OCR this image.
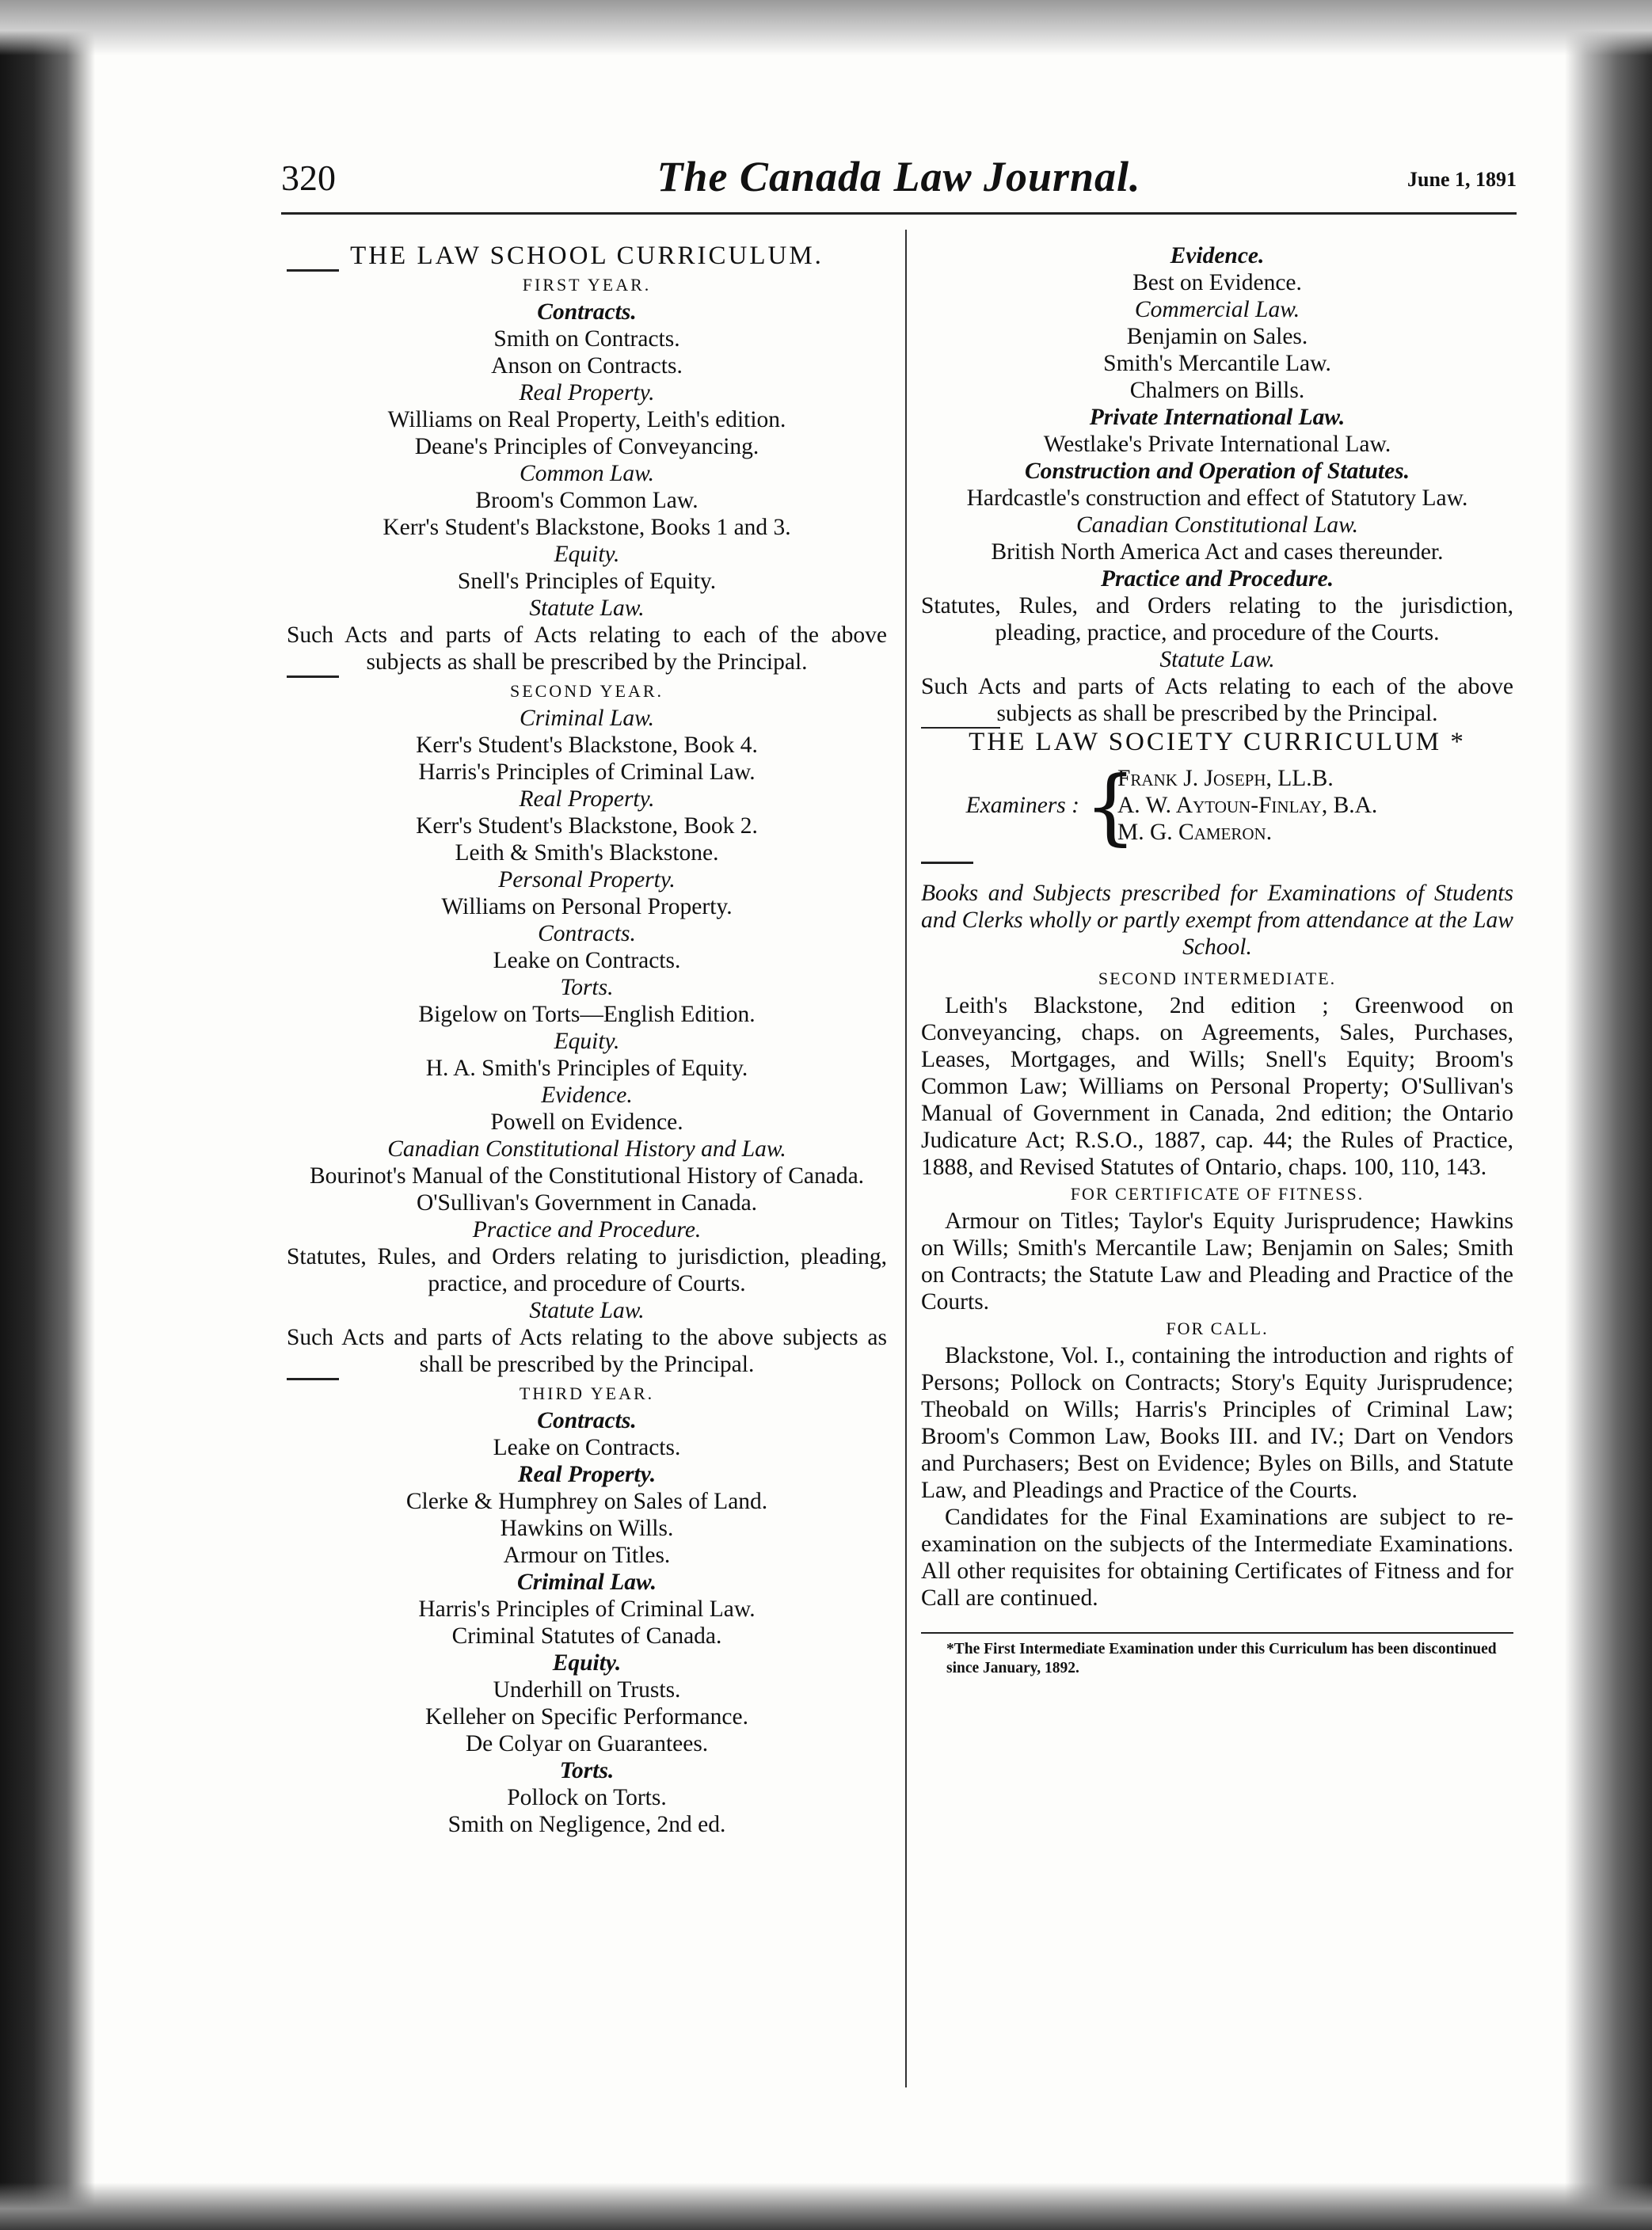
320	The Canada Law Journal.	June 1, 1891

THE LAW SCHOOL CURRICULUM.

FIRST YEAR.

Contracts.

Smith on Contracts.

Anson on Contracts.

Real Property.

Williams on Real Property, Leith's edition.

Deane's Principles of Conveyancing.

Common Law.

Broom's Common Law.

Kerr's Student's Blackstone, Books 1 and 3.

Equity.

Snell's Principles of Equity.

Statute Law.

Such Acts and parts of Acts relating to each of the above subjects as shall be prescribed by the Principal.

SECOND YEAR.

Criminal Law.

Kerr's Student's Blackstone, Book 4.

Harris's Principles of Criminal Law.

Real Property.

Kerr's Student's Blackstone, Book 2.

Leith & Smith's Blackstone.

Personal Property.

Williams on Personal Property.

Contracts.

Leake on Contracts.

Torts.

Bigelow on Torts—English Edition.

Equity.

H. A. Smith's Principles of Equity.

Evidence.

Powell on Evidence.

Canadian Constitutional History and Law.

Bourinot's Manual of the Constitutional History of Canada.

O'Sullivan's Government in Canada.

Practice and Procedure.

Statutes, Rules, and Orders relating to jurisdiction, pleading, practice, and procedure of Courts.

Statute Law.

Such Acts and parts of Acts relating to the above subjects as shall be prescribed by the Principal.

THIRD YEAR.

Contracts.

Leake on Contracts.

Real Property.

Clerke & Humphrey on Sales of Land.

Hawkins on Wills.

Armour on Titles.

Criminal Law.

Harris's Principles of Criminal Law.

Criminal Statutes of Canada.

Equity.

Underhill on Trusts.

Kelleher on Specific Performance.

De Colyar on Guarantees.

Torts.

Pollock on Torts.

Smith on Negligence, 2nd ed.

Evidence.

Best on Evidence.

Commercial Law.

Benjamin on Sales.

Smith's Mercantile Law.

Chalmers on Bills.

Private International Law.

Westlake's Private International Law.

Construction and Operation of Statutes.

Hardcastle's construction and effect of Statutory Law.

Canadian Constitutional Law.

British North America Act and cases thereunder.

Practice and Procedure.

Statutes, Rules, and Orders relating to the jurisdiction, pleading, practice, and procedure of the Courts.

Statute Law.

Such Acts and parts of Acts relating to each of the above subjects as shall be prescribed by the Principal.

THE LAW SOCIETY CURRICULUM *

Examiners : {
Frank J. Joseph, LL.B.
A. W. Aytoun-Finlay, B.A.
M. G. Cameron.

Books and Subjects prescribed for Examinations of Students and Clerks wholly or partly exempt from attendance at the Law School.

SECOND INTERMEDIATE.

Leith's Blackstone, 2nd edition ; Greenwood on Conveyancing, chaps. on Agreements, Sales, Purchases, Leases, Mortgages, and Wills; Snell's Equity; Broom's Common Law; Williams on Personal Property; O'Sullivan's Manual of Government in Canada, 2nd edition; the Ontario Judicature Act; R.S.O., 1887, cap. 44; the Rules of Practice, 1888, and Revised Statutes of Ontario, chaps. 100, 110, 143.

FOR CERTIFICATE OF FITNESS.

Armour on Titles; Taylor's Equity Jurisprudence; Hawkins on Wills; Smith's Mercantile Law; Benjamin on Sales; Smith on Contracts; the Statute Law and Pleading and Practice of the Courts.

FOR CALL.

Blackstone, Vol. I., containing the introduction and rights of Persons; Pollock on Contracts; Story's Equity Jurisprudence; Theobald on Wills; Harris's Principles of Criminal Law; Broom's Common Law, Books III. and IV.; Dart on Vendors and Purchasers; Best on Evidence; Byles on Bills, and Statute Law, and Pleadings and Practice of the Courts.

Candidates for the Final Examinations are subject to re-examination on the subjects of the Intermediate Examinations. All other requisites for obtaining Certificates of Fitness and for Call are continued.

*The First Intermediate Examination under this Curriculum has been discontinued since January, 1892.
